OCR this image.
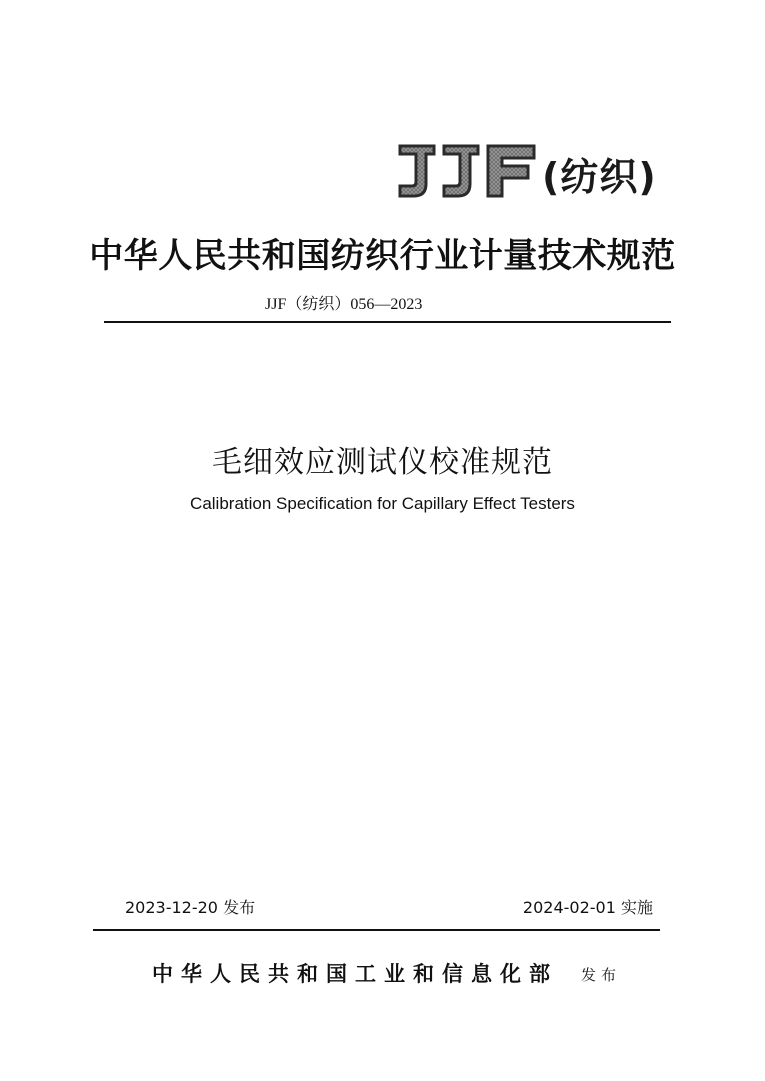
(纺织)
中华人民共和国纺织行业计量技术规范
JJF（纺织）056—2023
毛细效应测试仪校准规范
Calibration Specification for Capillary Effect Testers
2023-12-20 发布	2024-02-01 实施
中华人民共和国工业和信息化部 发布
